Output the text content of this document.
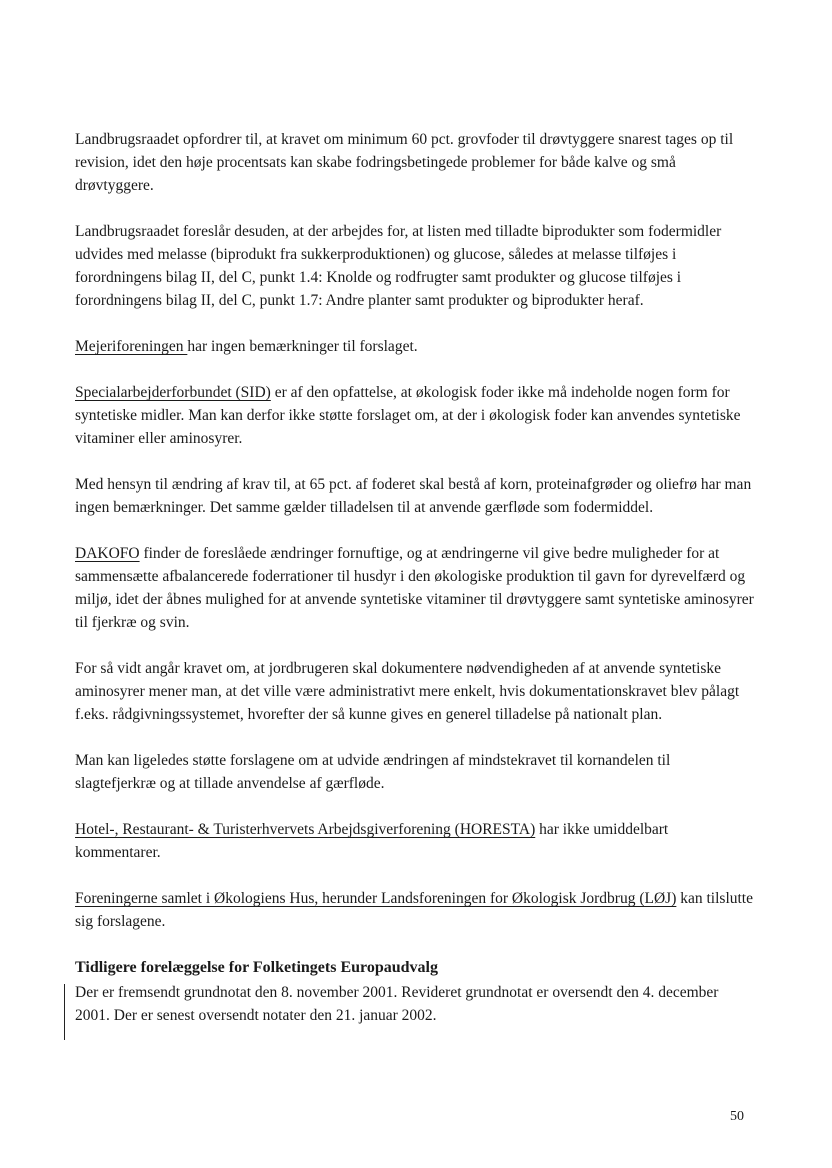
Landbrugsraadet opfordrer til, at kravet om minimum 60 pct. grovfoder til drøvtyggere snarest tages op til revision, idet den høje procentsats kan skabe fodringsbetingede problemer for både kalve og små drøvtyggere.

Landbrugsraadet foreslår desuden, at der arbejdes for, at listen med tilladte biprodukter som fodermidler udvides med melasse (biprodukt fra sukkerproduktionen) og glucose, således at melasse tilføjes i forordningens bilag II, del C, punkt 1.4: Knolde og rodfrugter samt produkter og glucose tilføjes i forordningens bilag II, del C, punkt 1.7: Andre planter samt produkter og biprodukter heraf.

Mejeriforeningen har ingen bemærkninger til forslaget.

Specialarbejderforbundet (SID) er af den opfattelse, at økologisk foder ikke må indeholde nogen form for syntetiske midler. Man kan derfor ikke støtte forslaget om, at der i økologisk foder kan anvendes syntetiske vitaminer eller aminosyrer.

Med hensyn til ændring af krav til, at 65 pct. af foderet skal bestå af korn, proteinafgrøder og oliefrø har man ingen bemærkninger. Det samme gælder tilladelsen til at anvende gærfløde som fodermiddel.

DAKOFO finder de foreslåede ændringer fornuftige, og at ændringerne vil give bedre muligheder for at sammensætte afbalancerede foderrationer til husdyr i den økologiske produktion til gavn for dyrevelfærd og miljø, idet der åbnes mulighed for at anvende syntetiske vitaminer til drøvtyggere samt syntetiske aminosyrer til fjerkræ og svin.

For så vidt angår kravet om, at jordbrugeren skal dokumentere nødvendigheden af at anvende syntetiske aminosyrer mener man, at det ville være administrativt mere enkelt, hvis dokumentationskravet blev pålagt f.eks. rådgivningssystemet, hvorefter der så kunne gives en generel tilladelse på nationalt plan.

Man kan ligeledes støtte forslagene om at udvide ændringen af mindstekravet til kornandelen til slagtefjerkræ og at tillade anvendelse af gærfløde.

Hotel-, Restaurant- & Turisterhvervets Arbejdsgiverforening (HORESTA) har ikke umiddelbart kommentarer.

Foreningerne samlet i Økologiens Hus, herunder Landsforeningen for Økologisk Jordbrug (LØJ) kan tilslutte sig forslagene.

Tidligere forelæggelse for Folketingets Europaudvalg

Der er fremsendt grundnotat den 8. november 2001. Revideret grundnotat er oversendt den 4. december 2001. Der er senest oversendt notater den 21. januar 2002.

50
